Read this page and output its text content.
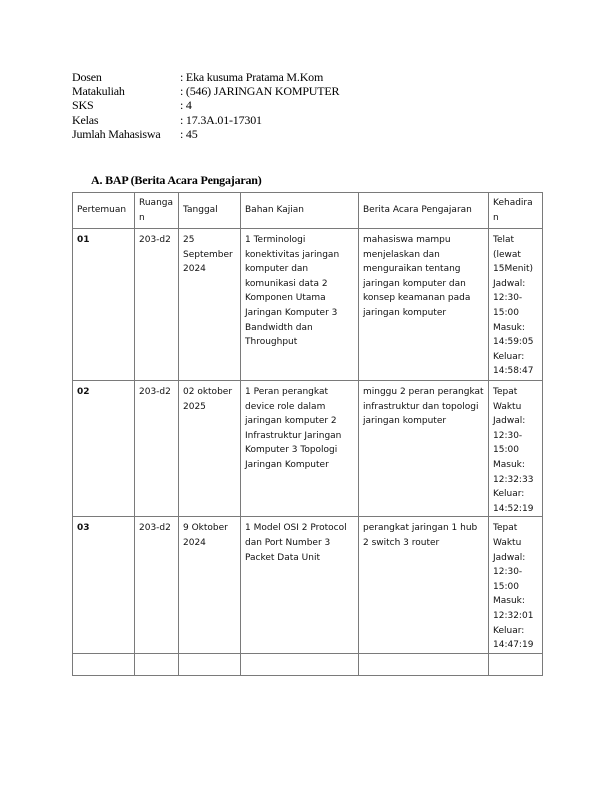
Dosen	: Eka kusuma Pratama M.Kom
Matakuliah	: (546) JARINGAN KOMPUTER
SKS	: 4
Kelas	: 17.3A.01-17301
Jumlah Mahasiswa	: 45
A. BAP (Berita Acara Pengajaran)
Pertemuan	Ruangan	Tanggal	Bahan Kajian	Berita Acara Pengajaran	Kehadiran
01	203-d2	25 September 2024	1 Terminologi konektivitas jaringan komputer dan komunikasi data 2 Komponen Utama Jaringan Komputer 3 Bandwidth dan Throughput	mahasiswa mampu menjelaskan dan menguraikan tentang jaringan komputer dan konsep keamanan pada jaringan komputer	Telat (lewat 15Menit) Jadwal: 12:30-15:00 Masuk: 14:59:05 Keluar: 14:58:47
02	203-d2	02 oktober 2025	1 Peran perangkat device role dalam jaringan komputer 2 Infrastruktur Jaringan Komputer 3 Topologi Jaringan Komputer	minggu 2 peran perangkat infrastruktur dan topologi jaringan komputer	Tepat Waktu Jadwal: 12:30-15:00 Masuk: 12:32:33 Keluar: 14:52:19
03	203-d2	9 Oktober 2024	1 Model OSI 2 Protocol dan Port Number 3 Packet Data Unit	perangkat jaringan 1 hub 2 switch 3 router	Tepat Waktu Jadwal: 12:30-15:00 Masuk: 12:32:01 Keluar: 14:47:19
